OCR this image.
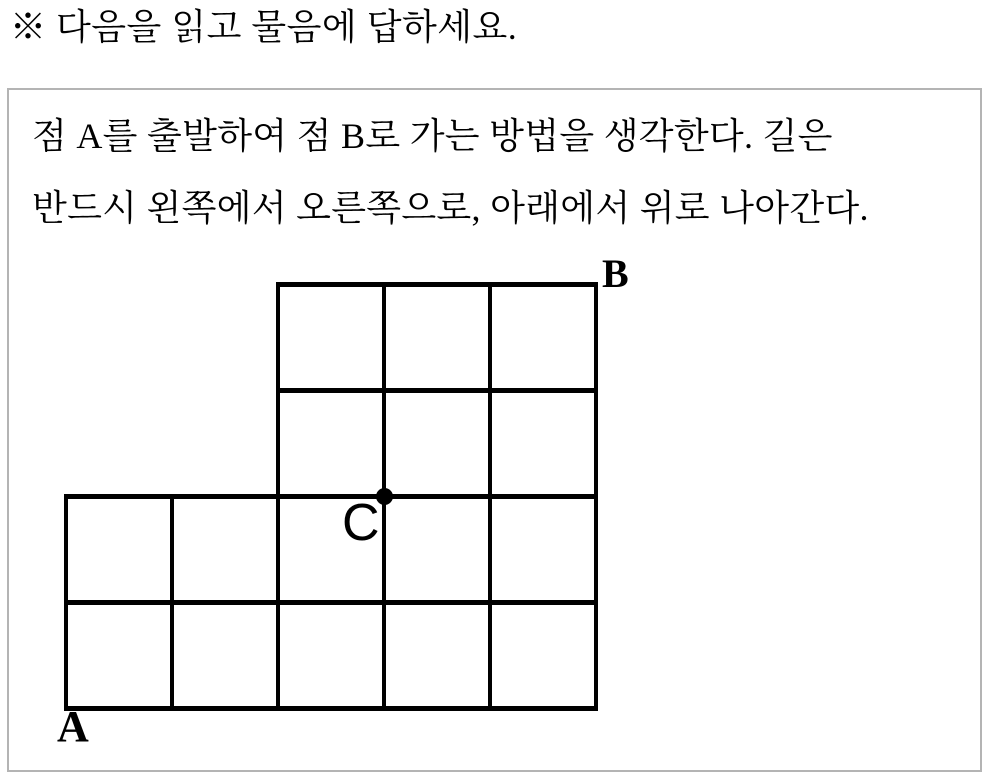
※ 다음을 읽고 물음에 답하세요.
점 A를 출발하여 점 B로 가는 방법을 생각한다. 길은
반드시 왼쪽에서 오른쪽으로, 아래에서 위로 나아간다.
A
B
C
